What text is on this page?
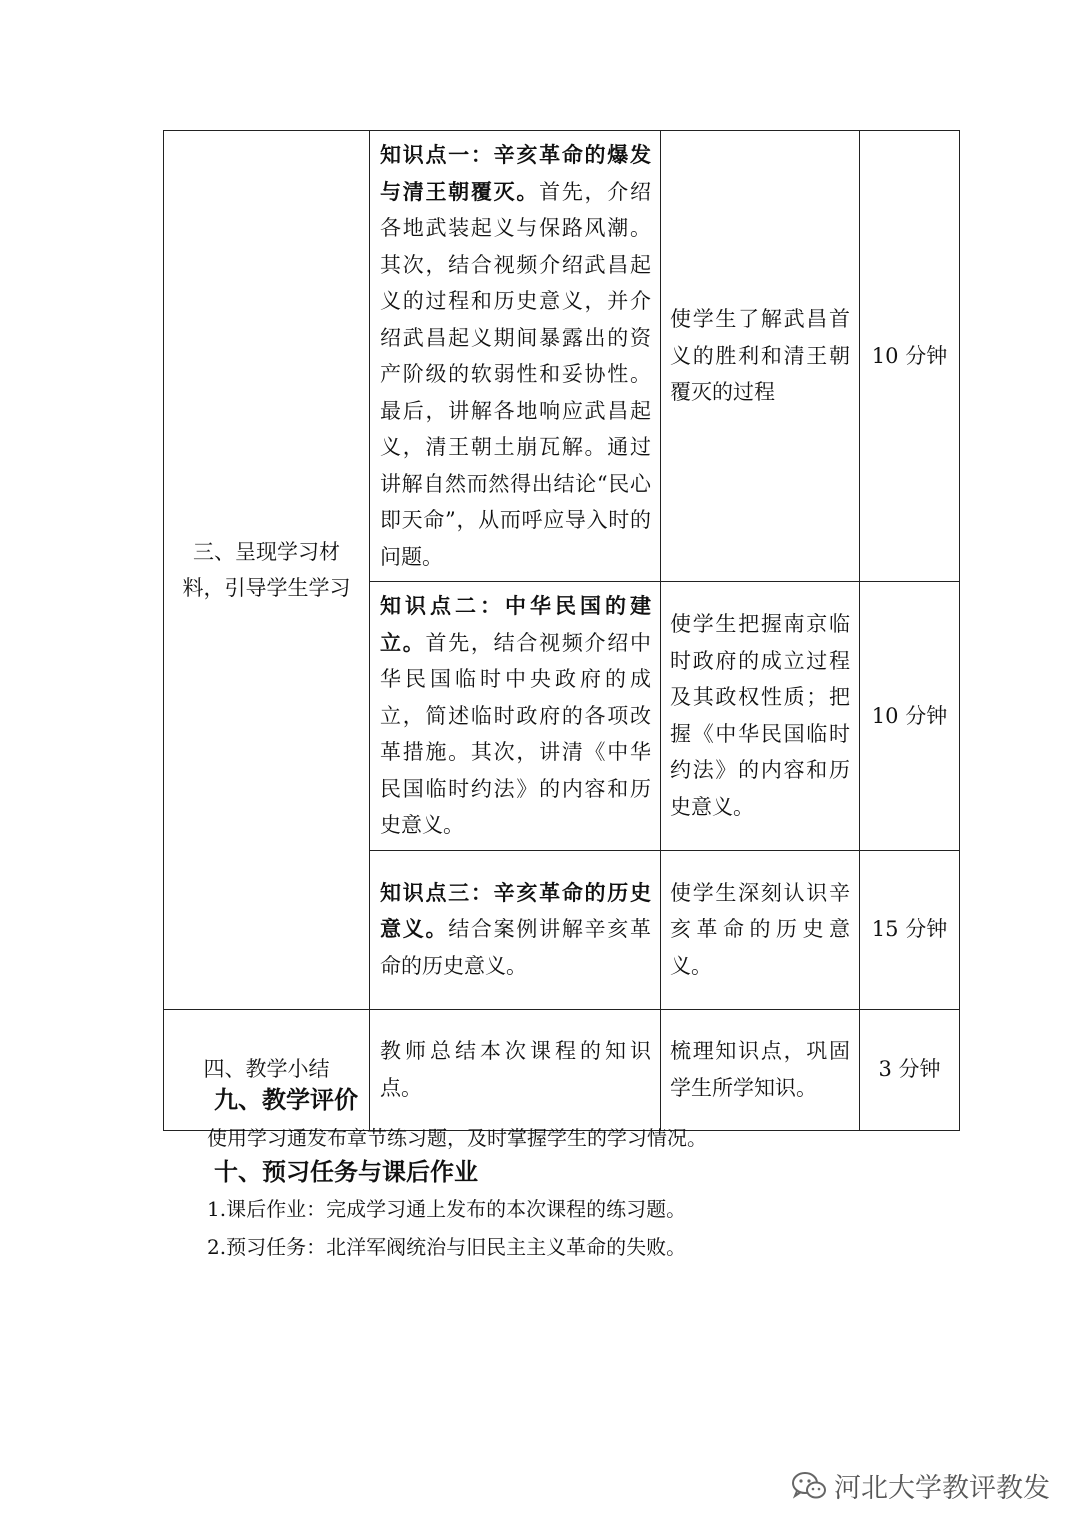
三、呈现学习材料，引导学生学习	知识点一：辛亥革命的爆发与清王朝覆灭。首先，介绍各地武装起义与保路风潮。其次，结合视频介绍武昌起义的过程和历史意义，并介绍武昌起义期间暴露出的资产阶级的软弱性和妥协性。最后，讲解各地响应武昌起义，清王朝土崩瓦解。通过讲解自然而然得出结论“民心即天命”，从而呼应导入时的问题。	使学生了解武昌首义的胜利和清王朝覆灭的过程	10 分钟
	知识点二：中华民国的建立。首先，结合视频介绍中华民国临时中央政府的成立，简述临时政府的各项改革措施。其次，讲清《中华民国临时约法》的内容和历史意义。	使学生把握南京临时政府的成立过程及其政权性质；把握《中华民国临时约法》的内容和历史意义。	10 分钟
	知识点三：辛亥革命的历史意义。结合案例讲解辛亥革命的历史意义。	使学生深刻认识辛亥革命的历史意义。	15 分钟
四、教学小结	教师总结本次课程的知识点。	梳理知识点，巩固学生所学知识。	3 分钟
九、教学评价

使用学习通发布章节练习题，及时掌握学生的学习情况。

十、预习任务与课后作业

1.课后作业：完成学习通上发布的本次课程的练习题。

2.预习任务：北洋军阀统治与旧民主主义革命的失败。

河北大学教评教发
